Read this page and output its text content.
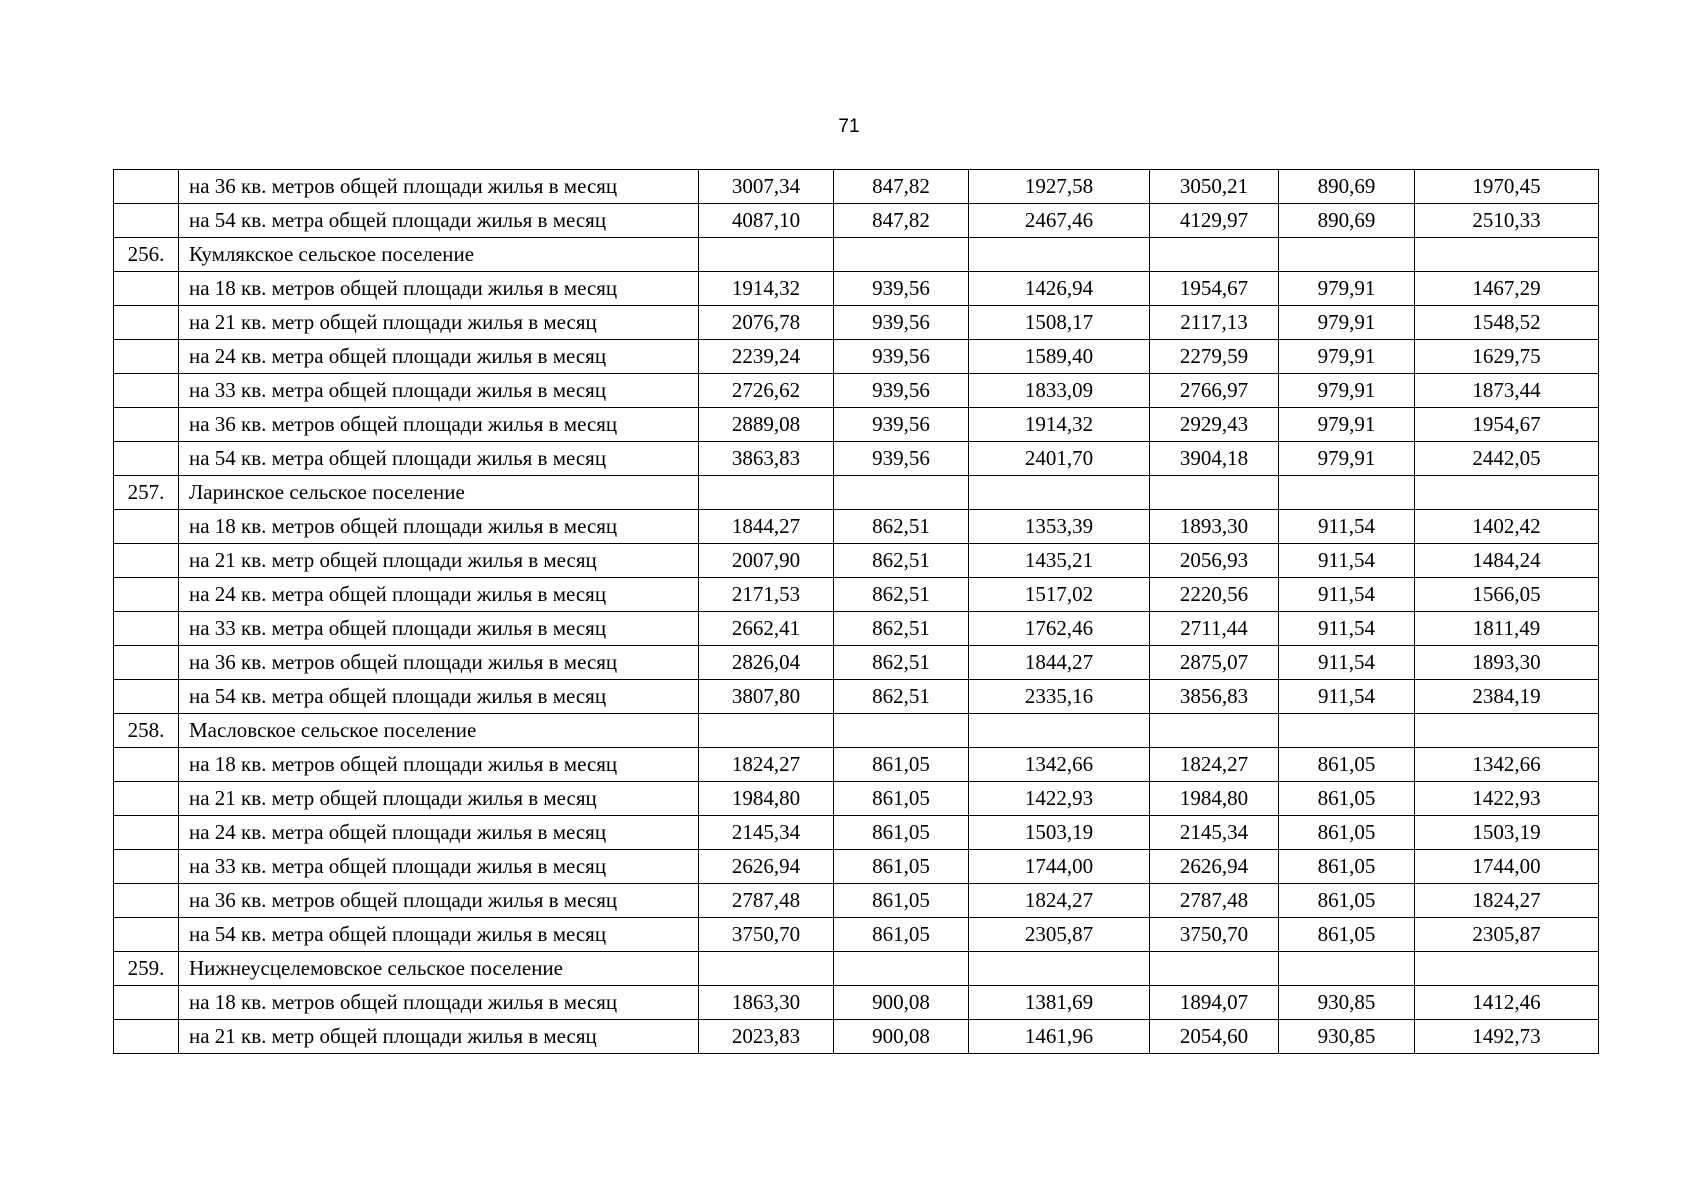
71
	на 36 кв. метров общей площади жилья в месяц	3007,34	847,82	1927,58	3050,21	890,69	1970,45
	на 54 кв. метра общей площади жилья в месяц	4087,10	847,82	2467,46	4129,97	890,69	2510,33
256.	Кумлякское сельское поселение						
	на 18 кв. метров общей площади жилья в месяц	1914,32	939,56	1426,94	1954,67	979,91	1467,29
	на 21 кв. метр общей площади жилья в месяц	2076,78	939,56	1508,17	2117,13	979,91	1548,52
	на 24 кв. метра общей площади жилья в месяц	2239,24	939,56	1589,40	2279,59	979,91	1629,75
	на 33 кв. метра общей площади жилья в месяц	2726,62	939,56	1833,09	2766,97	979,91	1873,44
	на 36 кв. метров общей площади жилья в месяц	2889,08	939,56	1914,32	2929,43	979,91	1954,67
	на 54 кв. метра общей площади жилья в месяц	3863,83	939,56	2401,70	3904,18	979,91	2442,05
257.	Ларинское сельское поселение						
	на 18 кв. метров общей площади жилья в месяц	1844,27	862,51	1353,39	1893,30	911,54	1402,42
	на 21 кв. метр общей площади жилья в месяц	2007,90	862,51	1435,21	2056,93	911,54	1484,24
	на 24 кв. метра общей площади жилья в месяц	2171,53	862,51	1517,02	2220,56	911,54	1566,05
	на 33 кв. метра общей площади жилья в месяц	2662,41	862,51	1762,46	2711,44	911,54	1811,49
	на 36 кв. метров общей площади жилья в месяц	2826,04	862,51	1844,27	2875,07	911,54	1893,30
	на 54 кв. метра общей площади жилья в месяц	3807,80	862,51	2335,16	3856,83	911,54	2384,19
258.	Масловское сельское поселение						
	на 18 кв. метров общей площади жилья в месяц	1824,27	861,05	1342,66	1824,27	861,05	1342,66
	на 21 кв. метр общей площади жилья в месяц	1984,80	861,05	1422,93	1984,80	861,05	1422,93
	на 24 кв. метра общей площади жилья в месяц	2145,34	861,05	1503,19	2145,34	861,05	1503,19
	на 33 кв. метра общей площади жилья в месяц	2626,94	861,05	1744,00	2626,94	861,05	1744,00
	на 36 кв. метров общей площади жилья в месяц	2787,48	861,05	1824,27	2787,48	861,05	1824,27
	на 54 кв. метра общей площади жилья в месяц	3750,70	861,05	2305,87	3750,70	861,05	2305,87
259.	Нижнеусцелемовское сельское поселение						
	на 18 кв. метров общей площади жилья в месяц	1863,30	900,08	1381,69	1894,07	930,85	1412,46
	на 21 кв. метр общей площади жилья в месяц	2023,83	900,08	1461,96	2054,60	930,85	1492,73
